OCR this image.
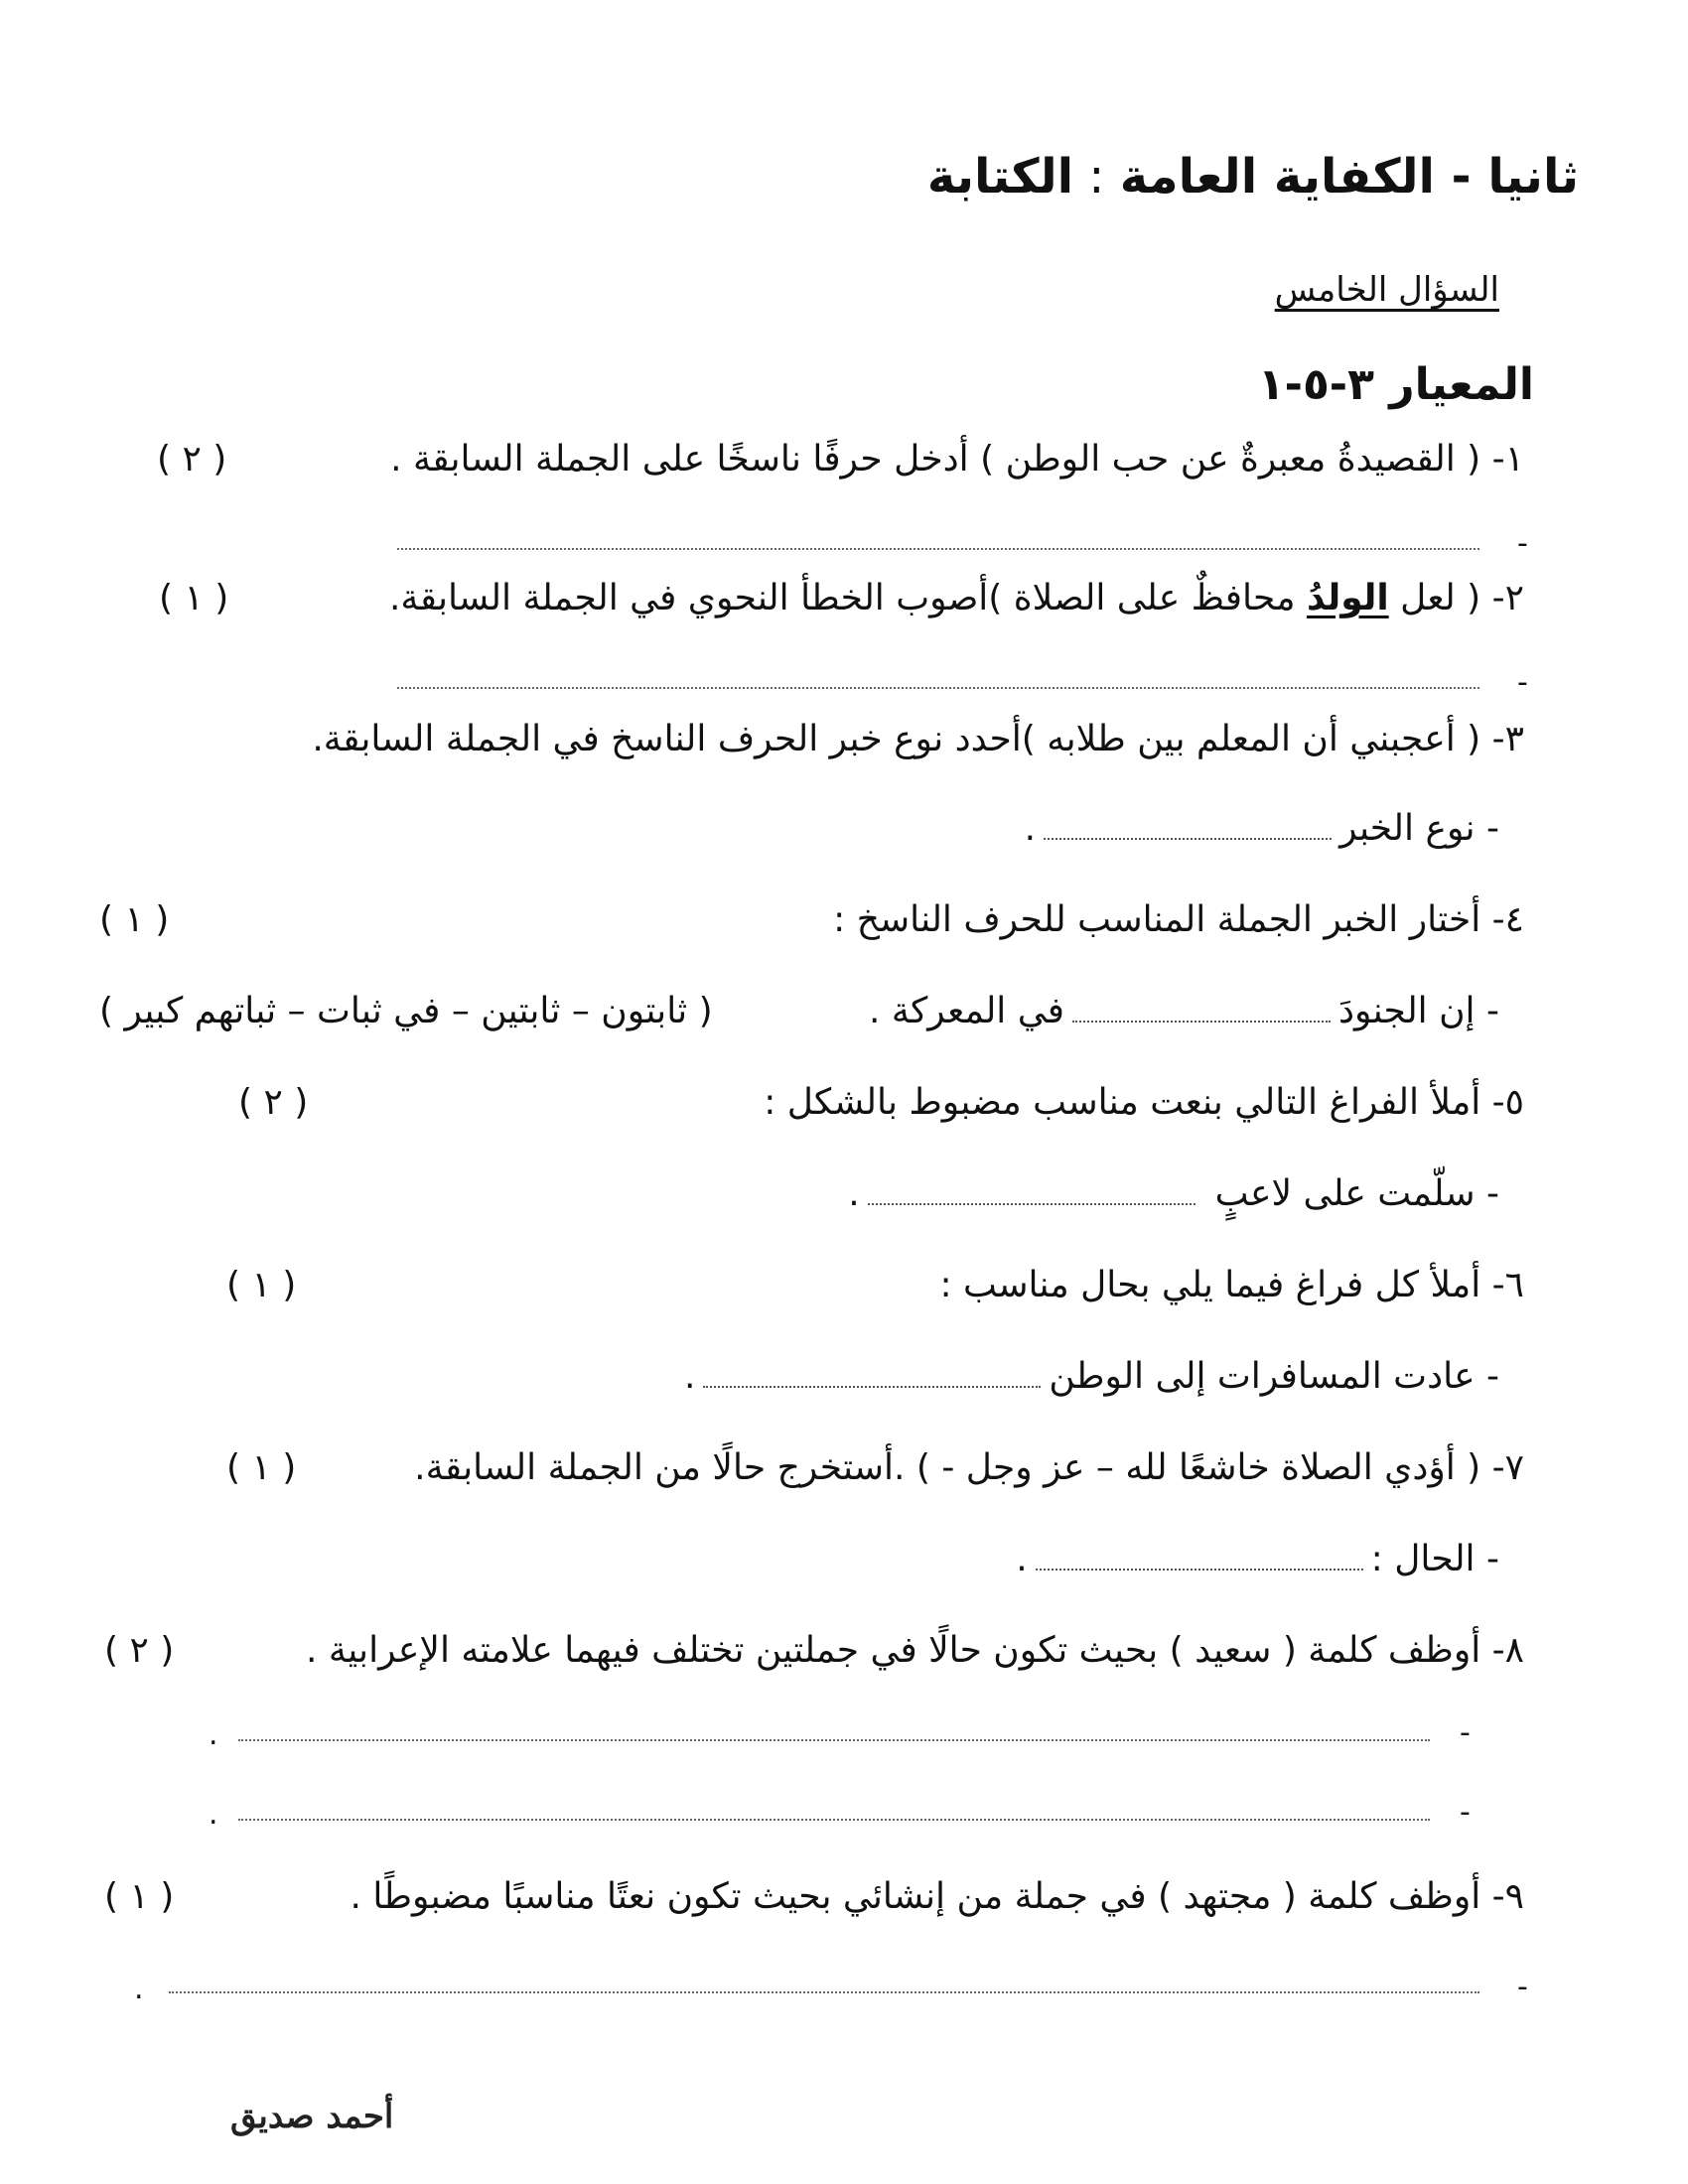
ثانيا - الكفاية العامة : الكتابة
السؤال الخامس
المعيار ٣-٥-١
١- ( القصيدةُ معبرةٌ عن حب الوطن ) أدخل حرفًا ناسخًا على الجملة السابقة .
( ٢ )
-
٢- ( لعل الولدُ محافظٌ على الصلاة )أصوب الخطأ النحوي في الجملة السابقة.
( ١ )
-
٣- ( أعجبني أن المعلم بين طلابه )أحدد نوع خبر الحرف الناسخ في الجملة السابقة.
- نوع الخبر.
٤- أختار الخبر الجملة المناسب للحرف الناسخ :
( ١ )
- إن الجنودَفي المعركة .
( ثابتون – ثابتين – في ثبات – ثباتهم كبير )
٥- أملأ الفراغ التالي بنعت مناسب مضبوط بالشكل :
( ٢ )
- سلّمت على لاعبٍ.
٦- أملأ كل فراغ فيما يلي بحال مناسب :
( ١ )
- عادت المسافرات إلى الوطن.
٧- ( أؤدي الصلاة خاشعًا لله – عز وجل - ) .أستخرج حالًا من الجملة السابقة.
( ١ )
- الحال :.
٨- أوظف كلمة ( سعيد ) بحيث تكون حالًا في جملتين تختلف فيهما علامته الإعرابية .
( ٢ )
-
.
-
.
٩- أوظف كلمة ( مجتهد ) في جملة من إنشائي بحيث تكون نعتًا مناسبًا مضبوطًا .
( ١ )
-
.
أحمد صديق
